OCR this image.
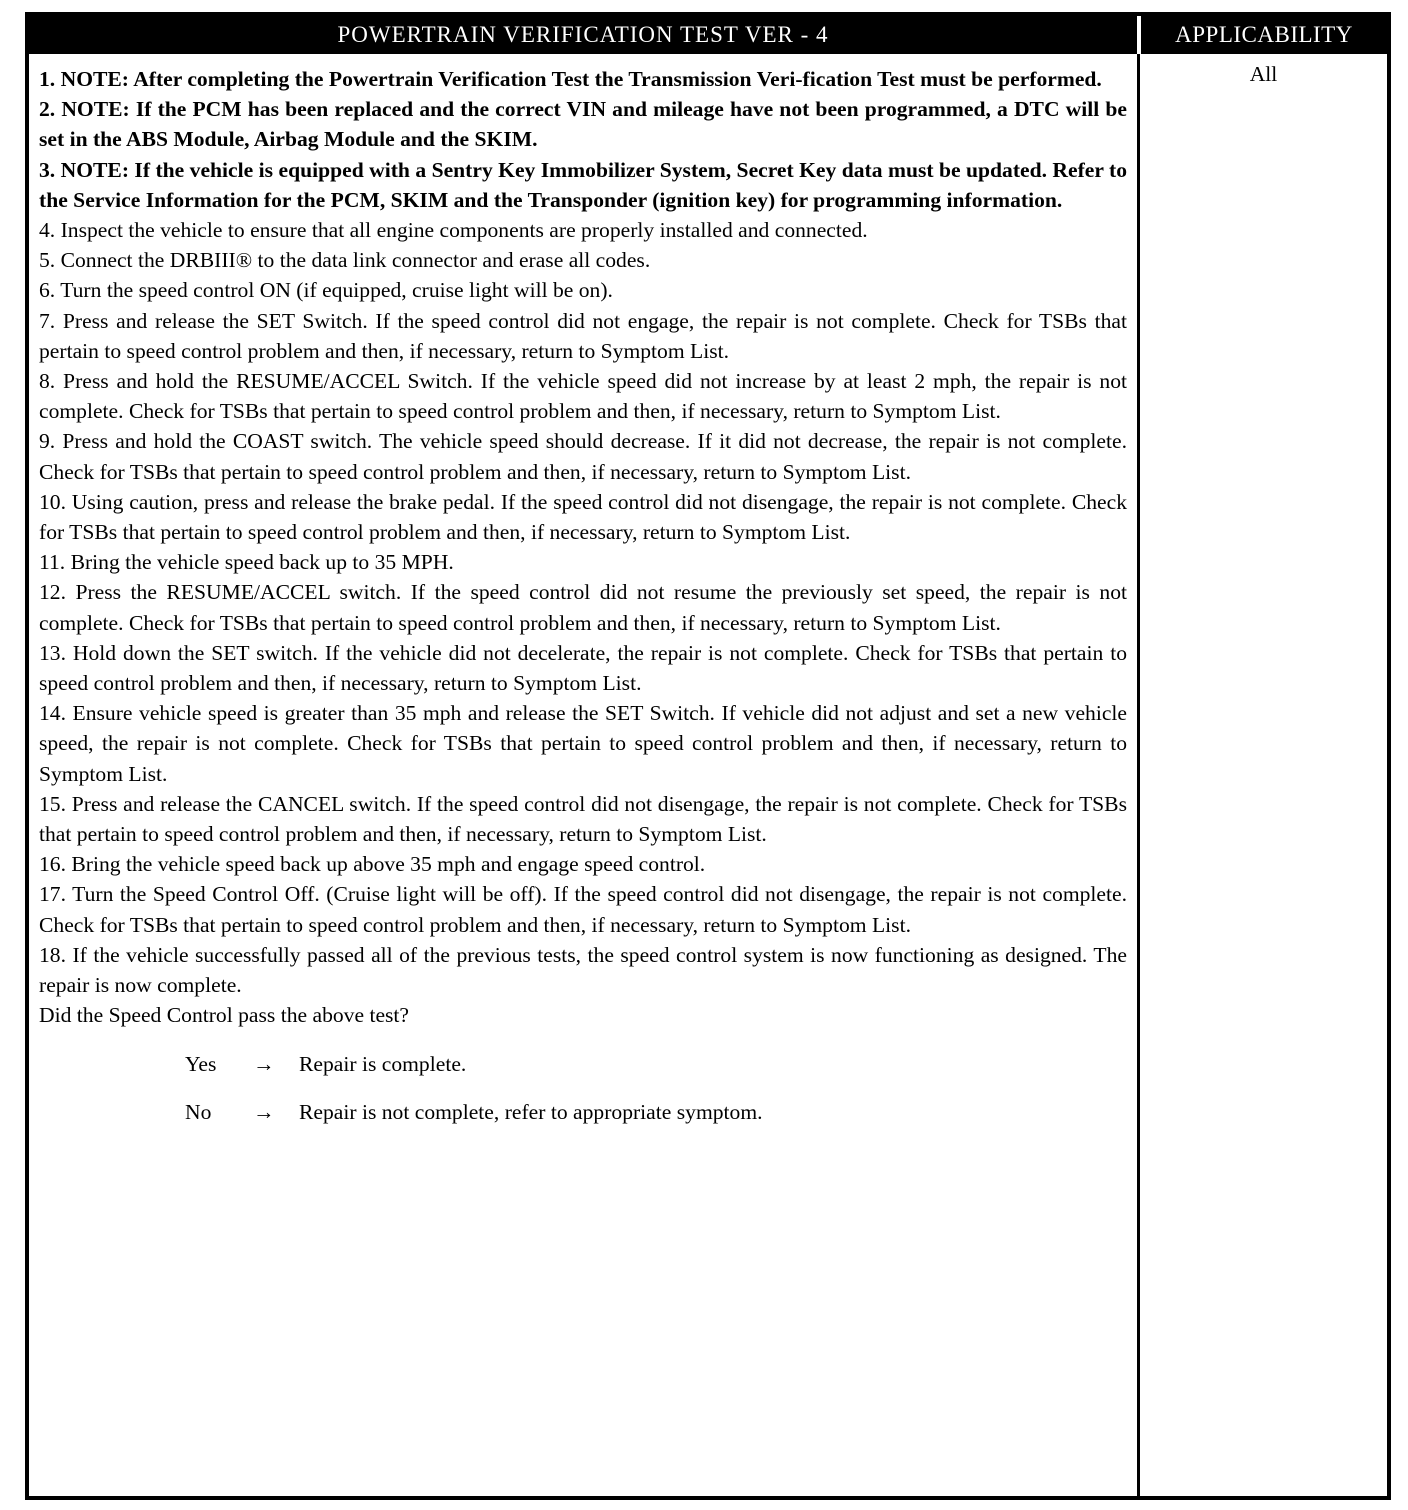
POWERTRAIN VERIFICATION TEST VER - 4	APPLICABILITY

1. NOTE: After completing the Powertrain Verification Test the Transmission Veri-fication Test must be performed.

2. NOTE: If the PCM has been replaced and the correct VIN and mileage have not been programmed, a DTC will be set in the ABS Module, Airbag Module and the SKIM.

3. NOTE: If the vehicle is equipped with a Sentry Key Immobilizer System, Secret Key data must be updated. Refer to the Service Information for the PCM, SKIM and the Transponder (ignition key) for programming information.

4. Inspect the vehicle to ensure that all engine components are properly installed and connected.

5. Connect the DRBIII® to the data link connector and erase all codes.

6. Turn the speed control ON (if equipped, cruise light will be on).

7. Press and release the SET Switch. If the speed control did not engage, the repair is not complete. Check for TSBs that pertain to speed control problem and then, if necessary, return to Symptom List.

8. Press and hold the RESUME/ACCEL Switch. If the vehicle speed did not increase by at least 2 mph, the repair is not complete. Check for TSBs that pertain to speed control problem and then, if necessary, return to Symptom List.

9. Press and hold the COAST switch. The vehicle speed should decrease. If it did not decrease, the repair is not complete. Check for TSBs that pertain to speed control problem and then, if necessary, return to Symptom List.

10. Using caution, press and release the brake pedal. If the speed control did not disengage, the repair is not complete. Check for TSBs that pertain to speed control problem and then, if necessary, return to Symptom List.

11. Bring the vehicle speed back up to 35 MPH.

12. Press the RESUME/ACCEL switch. If the speed control did not resume the previously set speed, the repair is not complete. Check for TSBs that pertain to speed control problem and then, if necessary, return to Symptom List.

13. Hold down the SET switch. If the vehicle did not decelerate, the repair is not complete. Check for TSBs that pertain to speed control problem and then, if necessary, return to Symptom List.

14. Ensure vehicle speed is greater than 35 mph and release the SET Switch. If vehicle did not adjust and set a new vehicle speed, the repair is not complete. Check for TSBs that pertain to speed control problem and then, if necessary, return to Symptom List.

15. Press and release the CANCEL switch. If the speed control did not disengage, the repair is not complete. Check for TSBs that pertain to speed control problem and then, if necessary, return to Symptom List.

16. Bring the vehicle speed back up above 35 mph and engage speed control.

17. Turn the Speed Control Off. (Cruise light will be off). If the speed control did not disengage, the repair is not complete. Check for TSBs that pertain to speed control problem and then, if necessary, return to Symptom List.

18. If the vehicle successfully passed all of the previous tests, the speed control system is now functioning as designed. The repair is now complete.

Did the Speed Control pass the above test?

Yes	→	Repair is complete.
No	→	Repair is not complete, refer to appropriate symptom.
All
